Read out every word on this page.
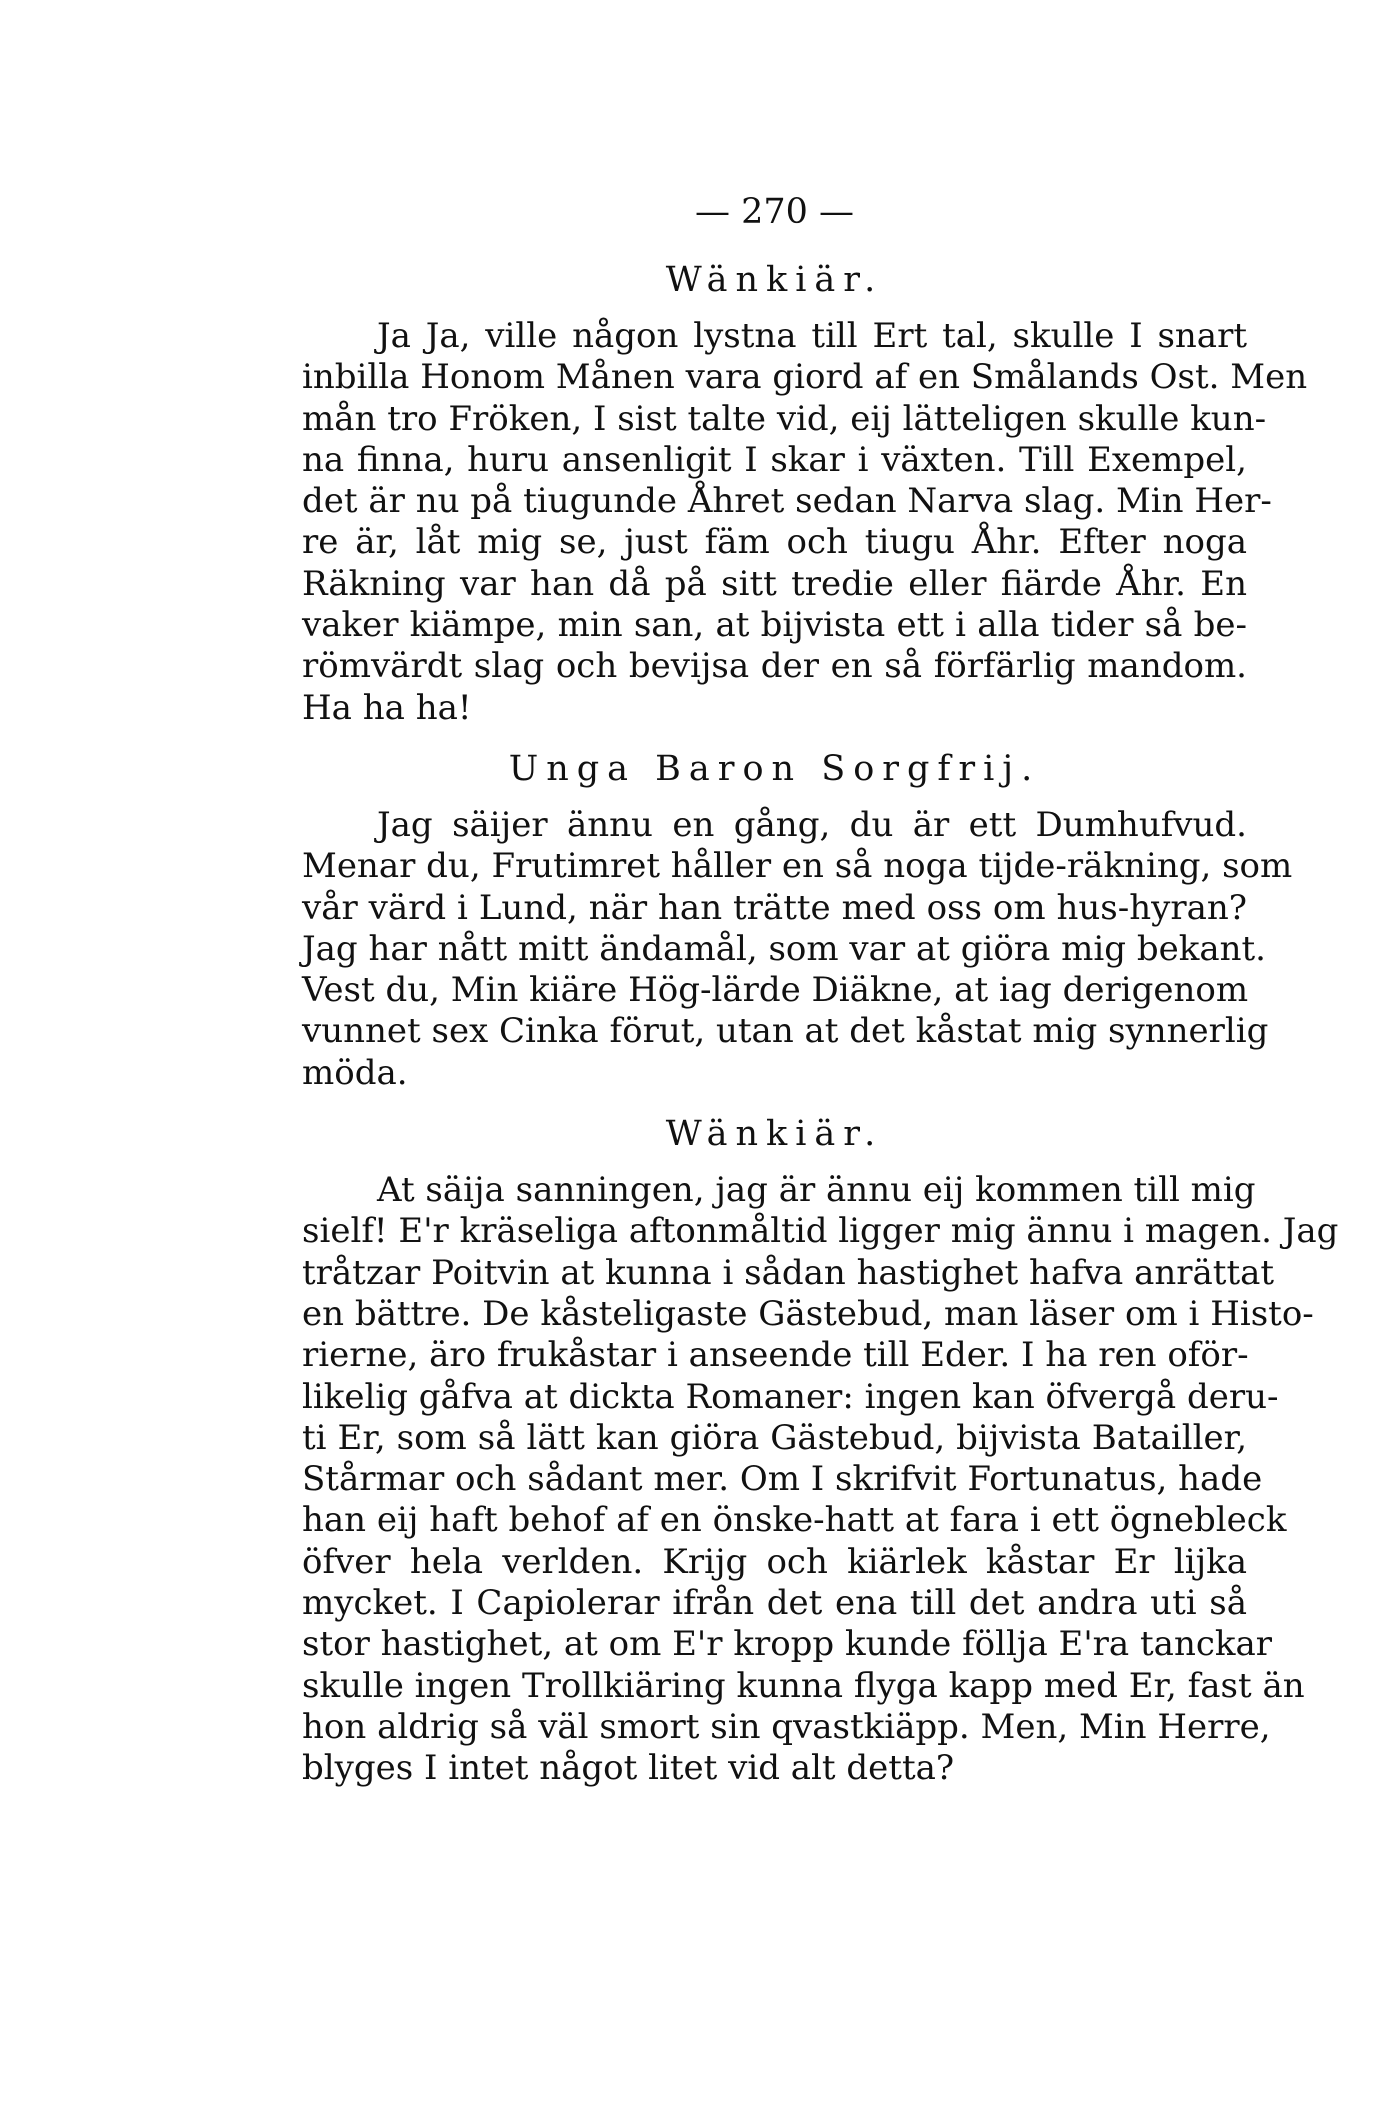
— 270 —
Wänkiär.
Ja Ja, ville någon lystna till Ert tal, skulle I snart
inbilla Honom Månen vara giord af en Smålands Ost. Men
mån tro Fröken, I sist talte vid, eij lätteligen skulle kun-
na finna, huru ansenligit I skar i växten. Till Exempel,
det är nu på tiugunde Åhret sedan Narva slag. Min Her-
re är, låt mig se, just fäm och tiugu Åhr. Efter noga
Räkning var han då på sitt tredie eller fiärde Åhr. En
vaker kiämpe, min san, at bijvista ett i alla tider så be-
römvärdt slag och bevijsa der en så förfärlig mandom.
Ha ha ha!
Unga Baron Sorgfrij.
Jag säijer ännu en gång, du är ett Dumhufvud.
Menar du, Frutimret håller en så noga tijde-räkning, som
vår värd i Lund, när han trätte med oss om hus-hyran?
Jag har nått mitt ändamål, som var at giöra mig bekant.
Vest du, Min kiäre Hög-lärde Diäkne, at iag derigenom
vunnet sex Cinka förut, utan at det kåstat mig synnerlig
möda.
Wänkiär.
At säija sanningen, jag är ännu eij kommen till mig
sielf! E'r kräseliga aftonmåltid ligger mig ännu i magen. Jag
tråtzar Poitvin at kunna i sådan hastighet hafva anrättat
en bättre. De kåsteligaste Gästebud, man läser om i Histo-
rierne, äro frukåstar i anseende till Eder. I ha ren oför-
likelig gåfva at dickta Romaner: ingen kan öfvergå deru-
ti Er, som så lätt kan giöra Gästebud, bijvista Batailler,
Stårmar och sådant mer. Om I skrifvit Fortunatus, hade
han eij haft behof af en önske-hatt at fara i ett ögnebleck
öfver hela verlden. Krijg och kiärlek kåstar Er lijka
mycket. I Capiolerar ifrån det ena till det andra uti så
stor hastighet, at om E'r kropp kunde föllja E'ra tanckar
skulle ingen Trollkiäring kunna flyga kapp med Er, fast än
hon aldrig så väl smort sin qvastkiäpp. Men, Min Herre,
blyges I intet något litet vid alt detta?
